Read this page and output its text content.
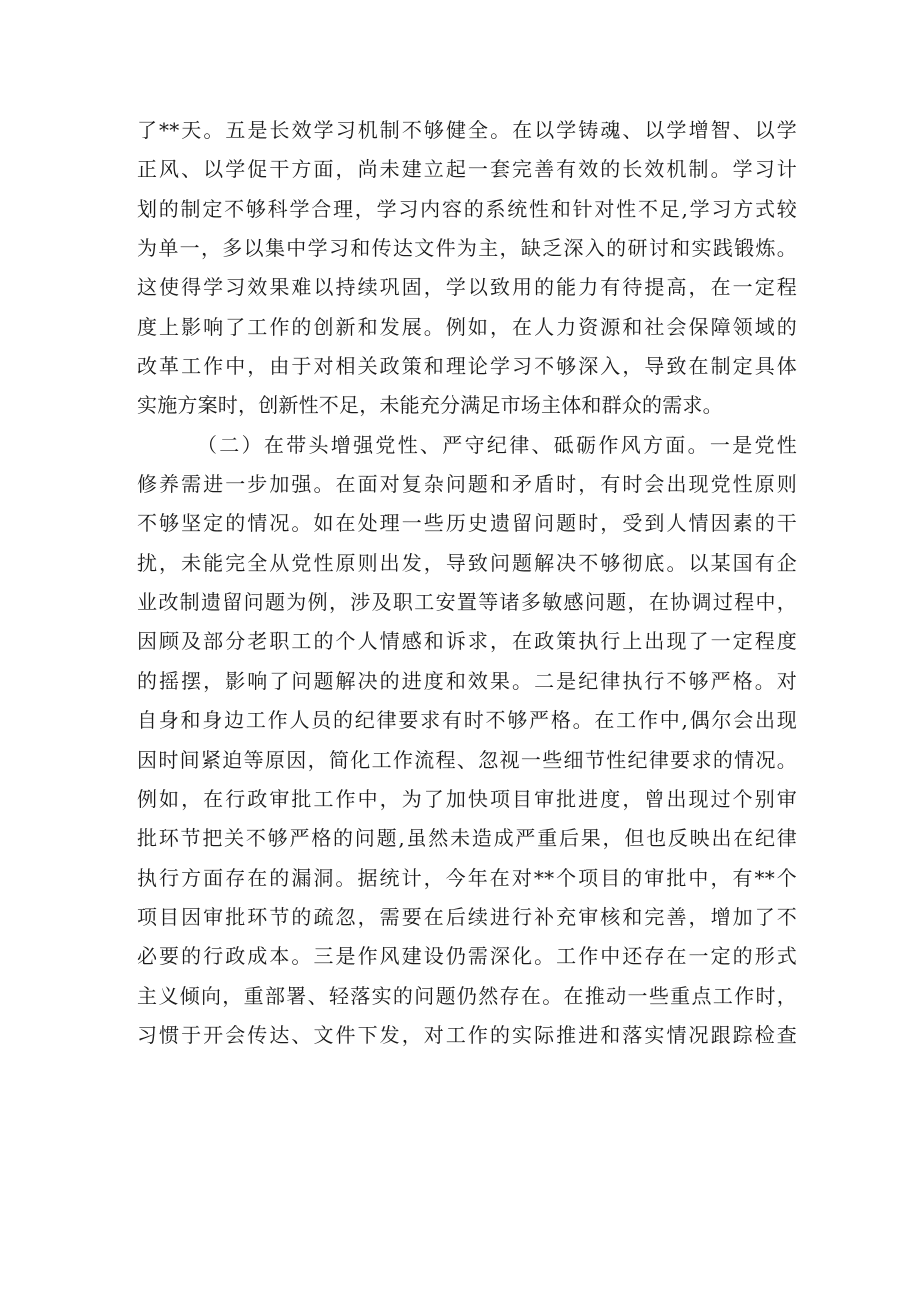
了**天。五是长效学习机制不够健全。在以学铸魂、以学增智、以学
正风、以学促干方面，尚未建立起一套完善有效的长效机制。学习计
划的制定不够科学合理，学习内容的系统性和针对性不足,学习方式较
为单一，多以集中学习和传达文件为主，缺乏深入的研讨和实践锻炼。
这使得学习效果难以持续巩固，学以致用的能力有待提高，在一定程
度上影响了工作的创新和发展。例如，在人力资源和社会保障领域的
改革工作中，由于对相关政策和理论学习不够深入，导致在制定具体
实施方案时，创新性不足，未能充分满足市场主体和群众的需求。
（二）在带头增强党性、严守纪律、砥砺作风方面。一是党性
修养需进一步加强。在面对复杂问题和矛盾时，有时会出现党性原则
不够坚定的情况。如在处理一些历史遗留问题时，受到人情因素的干
扰，未能完全从党性原则出发，导致问题解决不够彻底。以某国有企
业改制遗留问题为例，涉及职工安置等诸多敏感问题，在协调过程中，
因顾及部分老职工的个人情感和诉求，在政策执行上出现了一定程度
的摇摆，影响了问题解决的进度和效果。二是纪律执行不够严格。对
自身和身边工作人员的纪律要求有时不够严格。在工作中,偶尔会出现
因时间紧迫等原因，简化工作流程、忽视一些细节性纪律要求的情况。
例如，在行政审批工作中，为了加快项目审批进度，曾出现过个别审
批环节把关不够严格的问题,虽然未造成严重后果，但也反映出在纪律
执行方面存在的漏洞。据统计，今年在对**个项目的审批中，有**个
项目因审批环节的疏忽，需要在后续进行补充审核和完善，增加了不
必要的行政成本。三是作风建设仍需深化。工作中还存在一定的形式
主义倾向，重部署、轻落实的问题仍然存在。在推动一些重点工作时，
习惯于开会传达、文件下发，对工作的实际推进和落实情况跟踪检查
